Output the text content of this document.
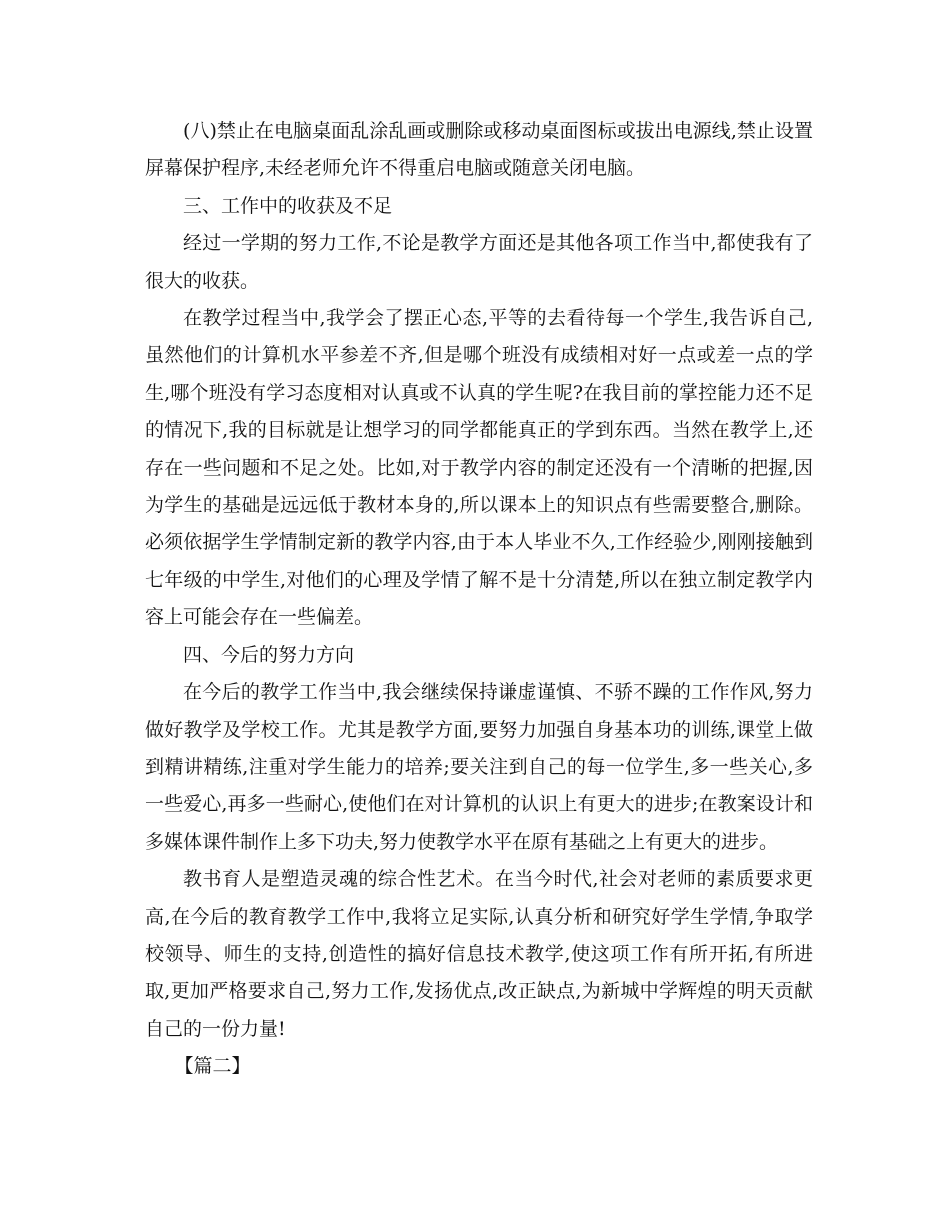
(八)禁止在电脑桌面乱涂乱画或删除或移动桌面图标或拔出电源线,禁止设置屏幕保护程序,未经老师允许不得重启电脑或随意关闭电脑。

三、工作中的收获及不足

经过一学期的努力工作,不论是教学方面还是其他各项工作当中,都使我有了很大的收获。

在教学过程当中,我学会了摆正心态,平等的去看待每一个学生,我告诉自己,虽然他们的计算机水平参差不齐,但是哪个班没有成绩相对好一点或差一点的学生,哪个班没有学习态度相对认真或不认真的学生呢?在我目前的掌控能力还不足的情况下,我的目标就是让想学习的同学都能真正的学到东西。当然在教学上,还存在一些问题和不足之处。比如,对于教学内容的制定还没有一个清晰的把握,因为学生的基础是远远低于教材本身的,所以课本上的知识点有些需要整合,删除。必须依据学生学情制定新的教学内容,由于本人毕业不久,工作经验少,刚刚接触到七年级的中学生,对他们的心理及学情了解不是十分清楚,所以在独立制定教学内容上可能会存在一些偏差。

四、今后的努力方向

在今后的教学工作当中,我会继续保持谦虚谨慎、不骄不躁的工作作风,努力做好教学及学校工作。尤其是教学方面,要努力加强自身基本功的训练,课堂上做到精讲精练,注重对学生能力的培养;要关注到自己的每一位学生,多一些关心,多一些爱心,再多一些耐心,使他们在对计算机的认识上有更大的进步;在教案设计和多媒体课件制作上多下功夫,努力使教学水平在原有基础之上有更大的进步。

教书育人是塑造灵魂的综合性艺术。在当今时代,社会对老师的素质要求更高,在今后的教育教学工作中,我将立足实际,认真分析和研究好学生学情,争取学校领导、师生的支持,创造性的搞好信息技术教学,使这项工作有所开拓,有所进取,更加严格要求自己,努力工作,发扬优点,改正缺点,为新城中学辉煌的明天贡献自己的一份力量!

【篇二】
